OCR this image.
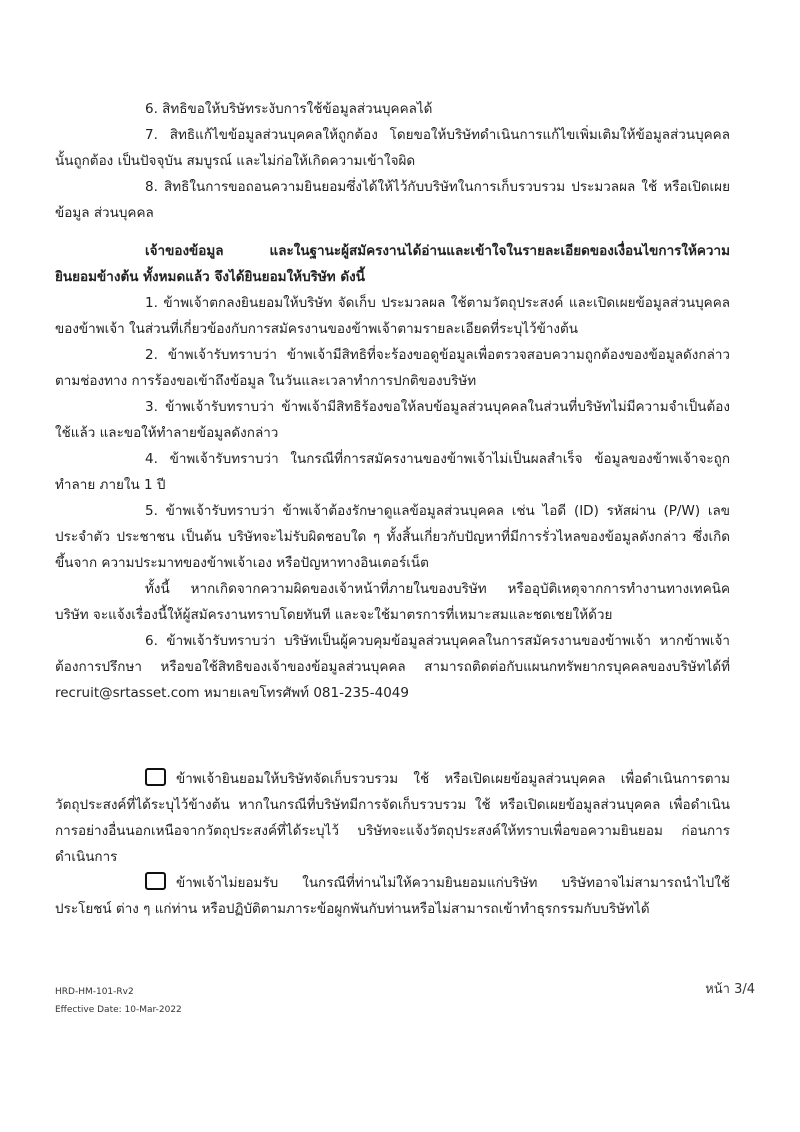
6. สิทธิขอให้บริษัทระงับการใช้ข้อมูลส่วนบุคคลได้

7. สิทธิแก้ไขข้อมูลส่วนบุคคลให้ถูกต้อง โดยขอให้บริษัทดำเนินการแก้ไขเพิ่มเติมให้ข้อมูลส่วนบุคคลนั้นถูกต้อง เป็นปัจจุบัน สมบูรณ์ และไม่ก่อให้เกิดความเข้าใจผิด

8. สิทธิในการขอถอนความยินยอมซึ่งได้ให้ไว้กับบริษัทในการเก็บรวบรวม ประมวลผล ใช้ หรือเปิดเผยข้อมูล ส่วนบุคคล

เจ้าของข้อมูล และในฐานะผู้สมัครงานได้อ่านและเข้าใจในรายละเอียดของเงื่อนไขการให้ความยินยอมข้างต้น ทั้งหมดแล้ว จึงได้ยินยอมให้บริษัท ดังนี้

1. ข้าพเจ้าตกลงยินยอมให้บริษัท จัดเก็บ ประมวลผล ใช้ตามวัตถุประสงค์ และเปิดเผยข้อมูลส่วนบุคคลของข้าพเจ้า ในส่วนที่เกี่ยวข้องกับการสมัครงานของข้าพเจ้าตามรายละเอียดที่ระบุไว้ข้างต้น

2. ข้าพเจ้ารับทราบว่า ข้าพเจ้ามีสิทธิที่จะร้องขอดูข้อมูลเพื่อตรวจสอบความถูกต้องของข้อมูลดังกล่าวตามช่องทาง การร้องขอเข้าถึงข้อมูล ในวันและเวลาทำการปกติของบริษัท

3. ข้าพเจ้ารับทราบว่า ข้าพเจ้ามีสิทธิร้องขอให้ลบข้อมูลส่วนบุคคลในส่วนที่บริษัทไม่มีความจำเป็นต้องใช้แล้ว และขอให้ทำลายข้อมูลดังกล่าว

4. ข้าพเจ้ารับทราบว่า ในกรณีที่การสมัครงานของข้าพเจ้าไม่เป็นผลสำเร็จ ข้อมูลของข้าพเจ้าจะถูกทำลาย ภายใน 1 ปี

5. ข้าพเจ้ารับทราบว่า ข้าพเจ้าต้องรักษาดูแลข้อมูลส่วนบุคคล เช่น ไอดี (ID) รหัสผ่าน (P/W) เลขประจำตัว ประชาชน เป็นต้น บริษัทจะไม่รับผิดชอบใด ๆ ทั้งสิ้นเกี่ยวกับปัญหาที่มีการรั่วไหลของข้อมูลดังกล่าว ซึ่งเกิดขึ้นจาก ความประมาทของข้าพเจ้าเอง หรือปัญหาทางอินเตอร์เน็ต

ทั้งนี้ หากเกิดจากความผิดของเจ้าหน้าที่ภายในของบริษัท หรืออุบัติเหตุจากการทำงานทางเทคนิค บริษัท จะแจ้งเรื่องนี้ให้ผู้สมัครงานทราบโดยทันที และจะใช้มาตรการที่เหมาะสมและชดเชยให้ด้วย

6. ข้าพเจ้ารับทราบว่า บริษัทเป็นผู้ควบคุมข้อมูลส่วนบุคคลในการสมัครงานของข้าพเจ้า หากข้าพเจ้า ต้องการปรึกษา หรือขอใช้สิทธิของเจ้าของข้อมูลส่วนบุคคล สามารถติดต่อกับแผนกทรัพยากรบุคคลของบริษัทได้ที่ recruit@srtasset.com หมายเลขโทรศัพท์ 081-235-4049

ข้าพเจ้ายินยอมให้บริษัทจัดเก็บรวบรวม ใช้ หรือเปิดเผยข้อมูลส่วนบุคคล เพื่อดำเนินการตาม วัตถุประสงค์ที่ได้ระบุไว้ข้างต้น หากในกรณีที่บริษัทมีการจัดเก็บรวบรวม ใช้ หรือเปิดเผยข้อมูลส่วนบุคคล เพื่อดำเนินการอย่างอื่นนอกเหนือจากวัตถุประสงค์ที่ได้ระบุไว้ บริษัทจะแจ้งวัตถุประสงค์ให้ทราบเพื่อขอความยินยอม ก่อนการดำเนินการ

ข้าพเจ้าไม่ยอมรับ ในกรณีที่ท่านไม่ให้ความยินยอมแก่บริษัท บริษัทอาจไม่สามารถนำไปใช้ประโยชน์ ต่าง ๆ แก่ท่าน หรือปฏิบัติตามภาระข้อผูกพันกับท่านหรือไม่สามารถเข้าทำธุรกรรมกับบริษัทได้

HRD-HM-101-Rv2
Effective Date: 10-Mar-2022
หน้า 3/4
